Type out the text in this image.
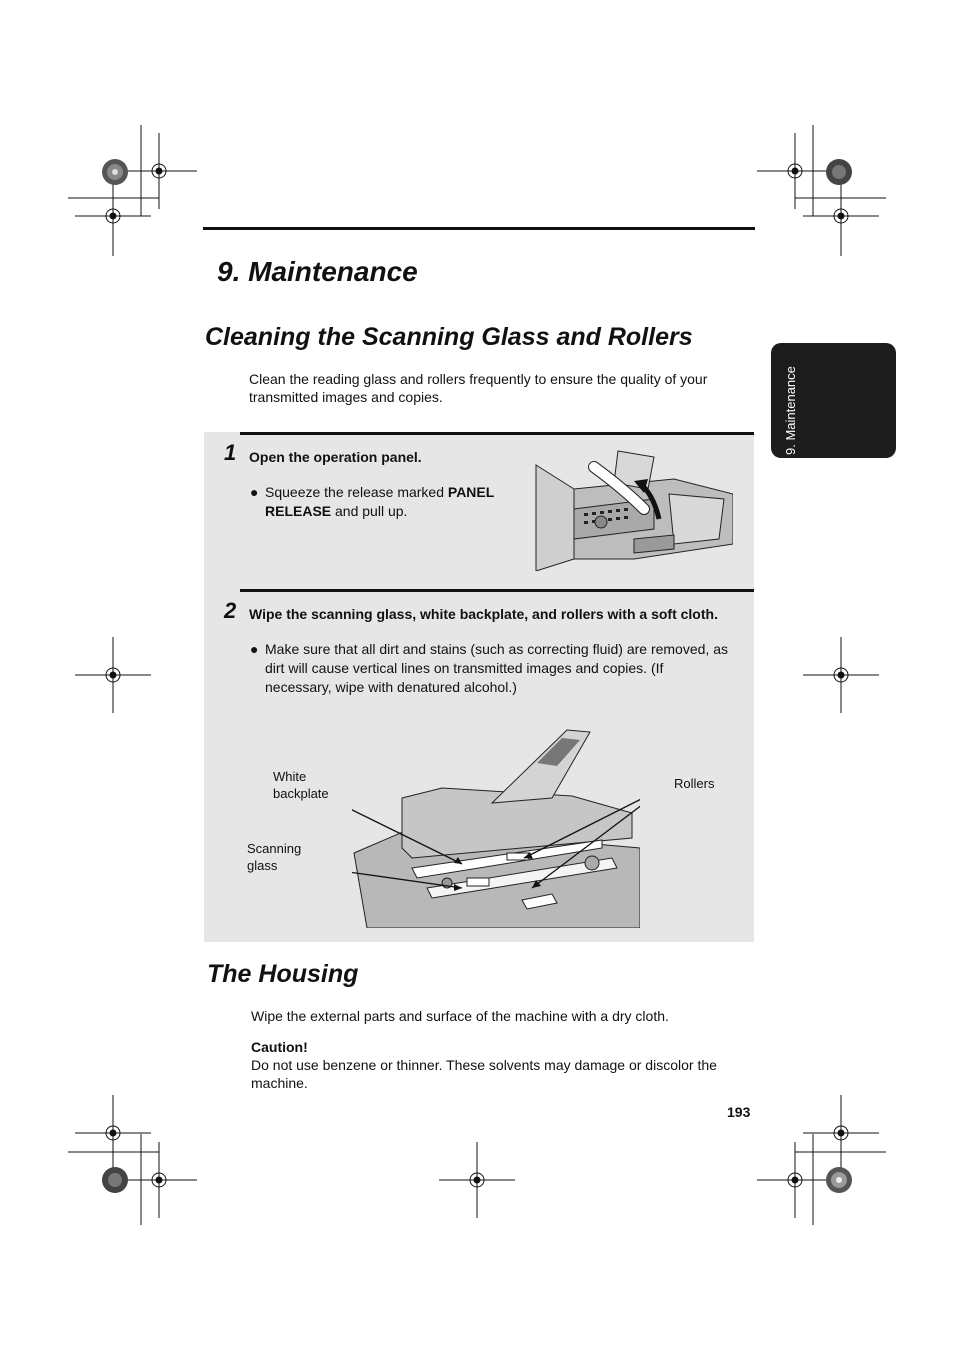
9. Maintenance
9. Maintenance
Cleaning the Scanning Glass and Rollers
Clean the reading glass and rollers frequently to ensure the quality of your
transmitted images and copies.
1 Open the operation panel.
● Squeeze the release marked PANEL
RELEASE and pull up.
2 Wipe the scanning glass, white backplate, and rollers with a soft cloth.
● Make sure that all dirt and stains (such as correcting fluid) are removed, as
dirt will cause vertical lines on transmitted images and copies. (If
necessary, wipe with denatured alcohol.)
White
backplate
Scanning
glass
Rollers
The Housing
Wipe the external parts and surface of the machine with a dry cloth.
Caution!
Do not use benzene or thinner. These solvents may damage or discolor the
machine.
193
